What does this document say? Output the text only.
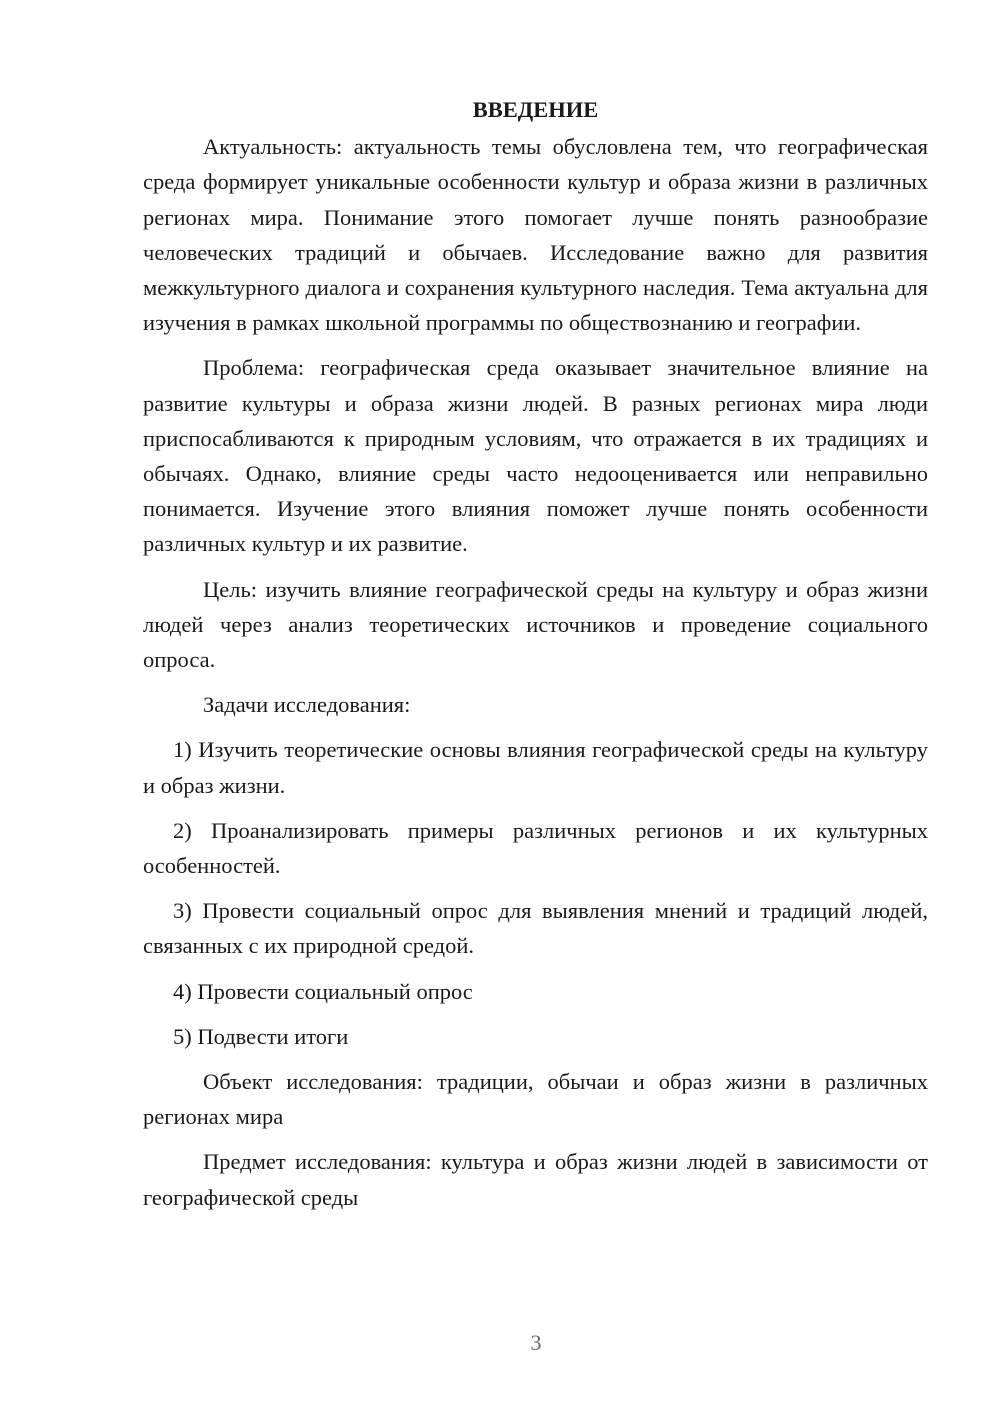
ВВЕДЕНИЕ

Актуальность: актуальность темы обусловлена тем, что географическая среда формирует уникальные особенности культур и образа жизни в различных регионах мира. Понимание этого помогает лучше понять разнообразие человеческих традиций и обычаев. Исследование важно для развития межкультурного диалога и сохранения культурного наследия. Тема актуальна для изучения в рамках школьной программы по обществознанию и географии.

Проблема: географическая среда оказывает значительное влияние на развитие культуры и образа жизни людей. В разных регионах мира люди приспосабливаются к природным условиям, что отражается в их традициях и обычаях. Однако, влияние среды часто недооценивается или неправильно понимается. Изучение этого влияния поможет лучше понять особенности различных культур и их развитие.

Цель: изучить влияние географической среды на культуру и образ жизни людей через анализ теоретических источников и проведение социального опроса.

Задачи исследования:

1) Изучить теоретические основы влияния географической среды на культуру и образ жизни.

2) Проанализировать примеры различных регионов и их культурных особенностей.

3) Провести социальный опрос для выявления мнений и традиций людей, связанных с их природной средой.

4) Провести социальный опрос

5) Подвести итоги

Объект исследования: традиции, обычаи и образ жизни в различных регионах мира

Предмет исследования: культура и образ жизни людей в зависимости от географической среды

3
